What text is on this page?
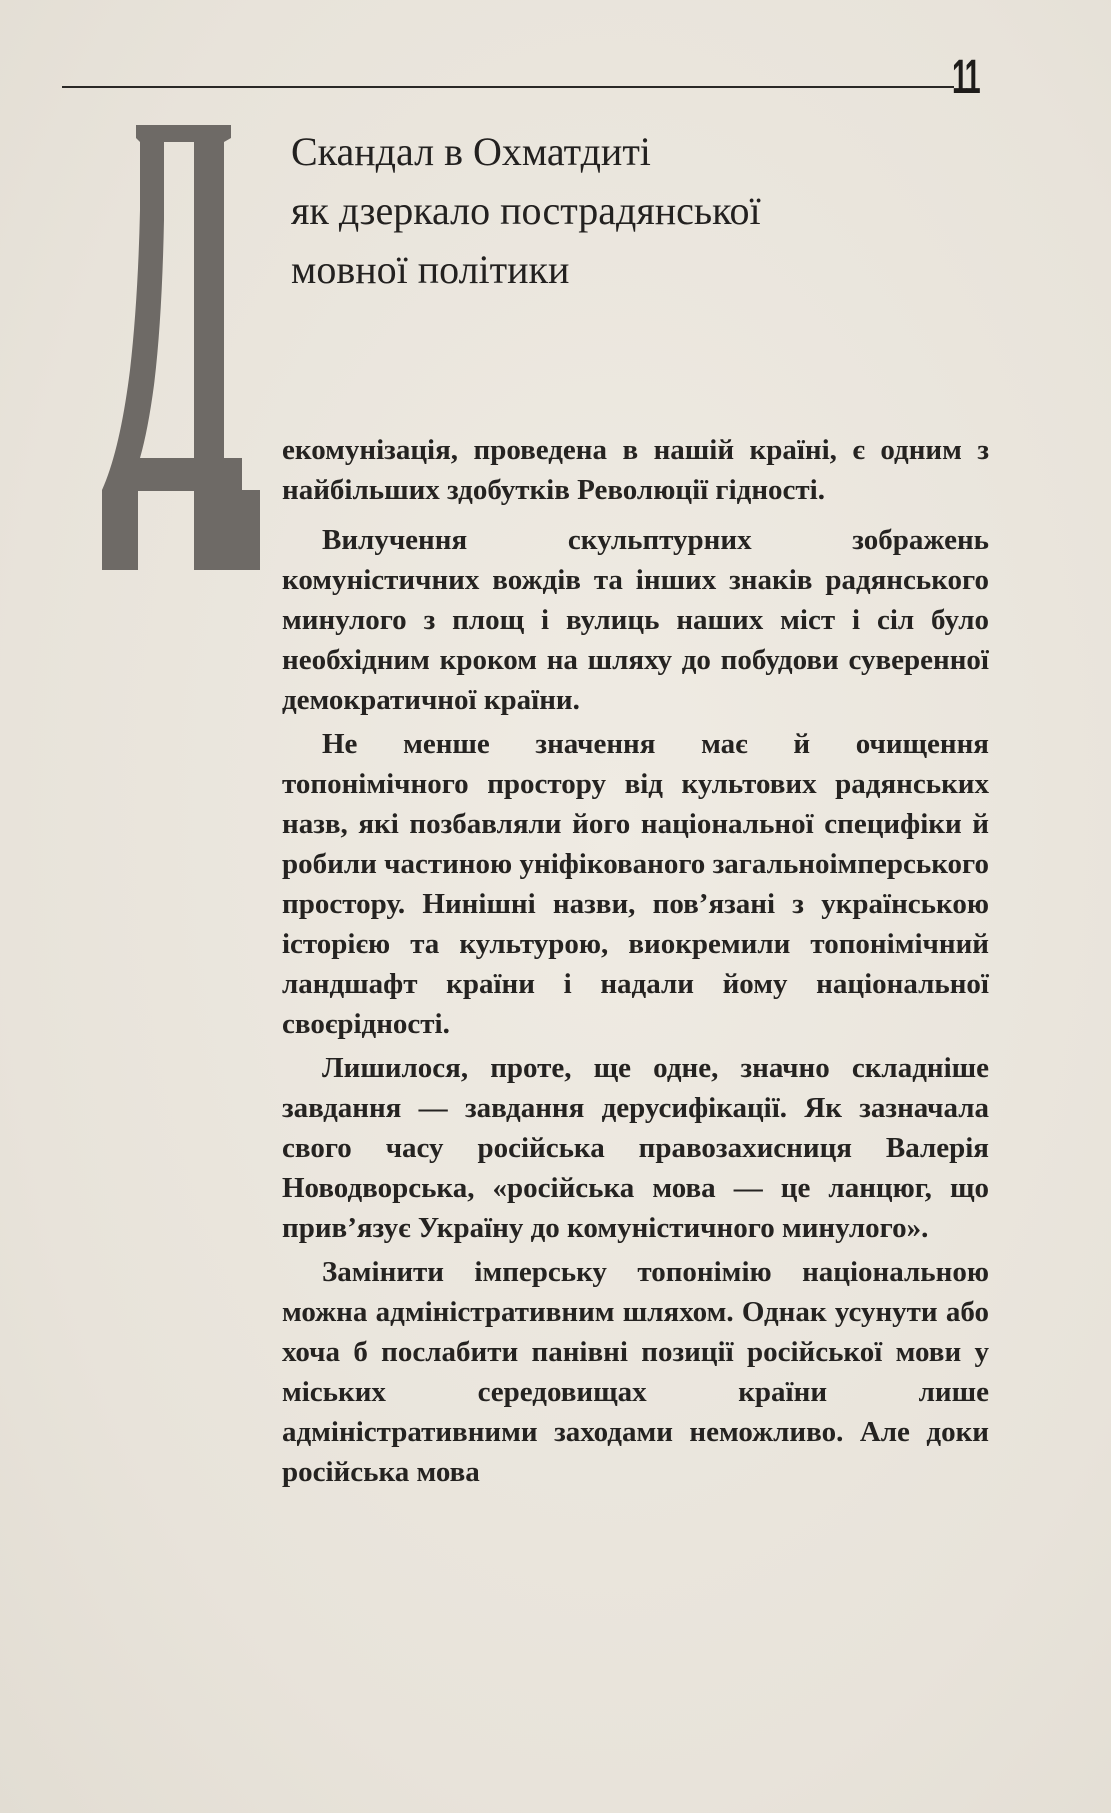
11
Скандал в Охматдиті
як дзеркало пострадянської
мовної політики

екомунізація, проведена в нашій країні, є одним з найбільших здобутків Революції гідності.

Вилучення скульптурних зображень комуністичних вождів та інших знаків радянського минулого з площ і вулиць наших міст і сіл було необхідним кроком на шляху до побудови суверенної демократичної країни.

Не менше значення має й очищення топонімічного простору від культових радянських назв, які позбавляли його національної специфіки й робили частиною уніфікованого загальноімперського простору. Нинішні назви, пов’язані з українською історією та культурою, виокремили топонімічний ландшафт країни і надали йому національної своєрідності.

Лишилося, проте, ще одне, значно складніше завдання — завдання дерусифікації. Як зазначала свого часу російська правозахисниця Валерія Новодворська, «російська мова — це ланцюг, що прив’язує Україну до комуністичного минулого».

Замінити імперську топонімію національною можна адміністративним шляхом. Однак усунути або хоча б послабити панівні позиції російської мови у міських середовищах країни лише адміністративними заходами неможливо. Але доки російська мова
